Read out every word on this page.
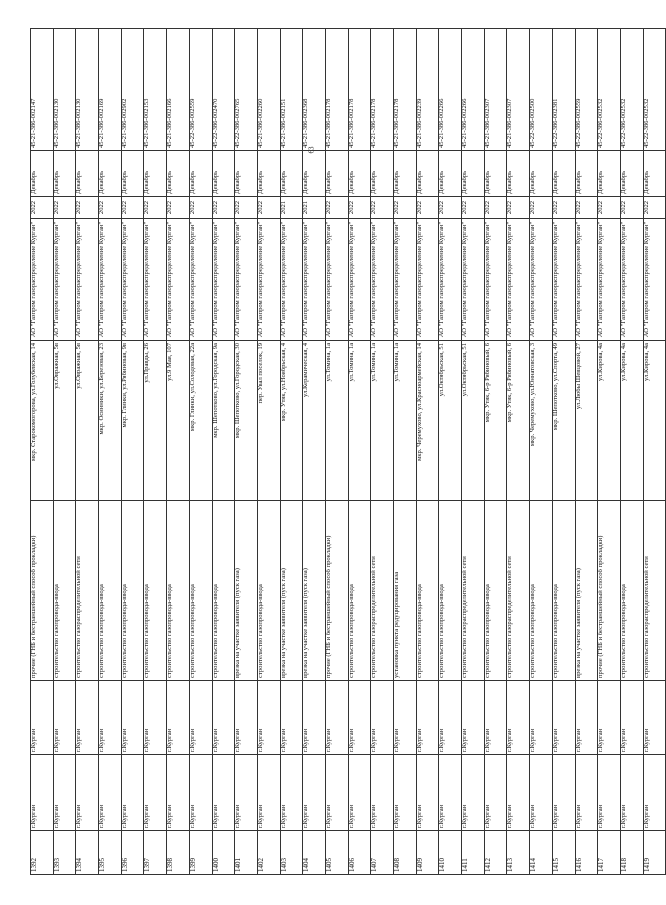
63
1392	г.Курган	г.Курган	прочие (ГНБ и бестраншейный способ прокладки)	мкр. Старокомогорова, ул.Голубевская, 14	АО "Газпром газораспределение Курган"	2022	Декабрь	45-21-386-002147
1393	г.Курган	г.Курган	строительство газопровода-ввода	ул.Овражная, 5в	АО "Газпром газораспределение Курган"	2022	Декабрь	45-21-386-002130
1394	г.Курган	г.Курган	строительство газораспределительной сети	ул.Овражная, 5в	АО "Газпром газораспределение Курган"	2022	Декабрь	45-21-386-002130
1395	г.Курган	г.Курган	строительство газопровода-ввода	мкр. Осинники, ул.Березовая, 23	АО "Газпром газораспределение Курган"	2022	Декабрь	45-21-386-002169
1396	г.Курган	г.Курган	строительство газопровода-ввода	мкр. Глинки, ул.Рябиновая, 9в	АО "Газпром газораспределение Курган"	2022	Декабрь	45-21-386-002902
1397	г.Курган	г.Курган	строительство газопровода-ввода	ул.Правды, 26	АО "Газпром газораспределение Курган"	2022	Декабрь	45-21-386-002153
1398	г.Курган	г.Курган	строительство газопровода-ввода	ул.9 Мая, 107	АО "Газпром газораспределение Курган"	2022	Декабрь	45-21-386-002166
1399	г.Курган	г.Курган	строительство газопровода-ввода	мкр. Глинки, ул.Солодовая, 22а	АО "Газпром газораспределение Курган"	2022	Декабрь	45-22-386-002559
1400	г.Курган	г.Курган	строительство газопровода-ввода	мкр. Шепотково, ул.Городская, 9а	АО "Газпром газораспределение Курган"	2022	Декабрь	45-22-386-002470
1401	г.Курган	г.Курган	врезка на участке заявителя (пуск газа)	мкр. Шепотково, ул.Городская, 30	АО "Газпром газораспределение Курган"	2022	Декабрь	45-22-386-002765
1402	г.Курган	г.Курган	строительство газопровода-ввода	пер. Увал поселок, 19	АО "Газпром газораспределение Курган"	2022	Декабрь	45-21-386-002260
1403	г.Курган	г.Курган	врезка на участке заявителя (пуск газа)	мкр. Утяк, ул.Ноябрьская, 4	АО "Газпром газораспределение Курган"	2021	Декабрь	45-21-386-002151
1404	г.Курган	г.Курган	врезка на участке заявителя (пуск газа)	ул.Керамическая, 4	АО "Газпром газораспределение Курган"	2021	Декабрь	45-21-386-002368
1405	г.Курган	г.Курган	прочие (ГНБ и бестраншейный способ прокладки)	ул.Томина, 1а	АО "Газпром газораспределение Курган"	2022	Декабрь	45-21-386-002178
1406	г.Курган	г.Курган	строительство газопровода-ввода	ул.Томина, 1а	АО "Газпром газораспределение Курган"	2022	Декабрь	45-21-386-002178
1407	г.Курган	г.Курган	строительство газораспределительной сети	ул.Томина, 1а	АО "Газпром газораспределение Курган"	2022	Декабрь	45-21-386-002178
1408	г.Курган	г.Курган	установка пункта редуцирования газа	ул.Томина, 1а	АО "Газпром газораспределение Курган"	2022	Декабрь	45-21-386-002178
1409	г.Курган	г.Курган	строительство газопровода-ввода	мкр. Черемухово, ул.Красноармейская, 14	АО "Газпром газораспределение Курган"	2022	Декабрь	45-21-386-002239
1410	г.Курган	г.Курган	строительство газопровода-ввода	ул.Октябрьская, 51	АО "Газпром газораспределение Курган"	2022	Декабрь	45-21-386-002266
1411	г.Курган	г.Курган	строительство газораспределительной сети	ул.Октябрьская, 51	АО "Газпром газораспределение Курган"	2022	Декабрь	45-21-386-002266
1412	г.Курган	г.Курган	строительство газопровода-ввода	мкр. Утяк, 6-р Рябиновый, 6	АО "Газпром газораспределение Курган"	2022	Декабрь	45-21-386-002307
1413	г.Курган	г.Курган	строительство газораспределительной сети	мкр. Утяк, 6-р Рябиновый, 6	АО "Газпром газораспределение Курган"	2022	Декабрь	45-21-386-002307
1414	г.Курган	г.Курган	строительство газопровода-ввода	мкр. Черемухово, ул.Юннатовская, 3	АО "Газпром газораспределение Курган"	2022	Декабрь	45-22-386-002500
1415	г.Курган	г.Курган	строительство газопровода-ввода	мкр. Шепотково, ул.Спорта, 49	АО "Газпром газораспределение Курган"	2022	Декабрь	45-22-386-002381
1416	г.Курган	г.Курган	врезка на участке заявителя (пуск газа)	ул.Любы Шевцовой, 27	АО "Газпром газораспределение Курган"	2022	Декабрь	45-22-386-002559
1417	г.Курган	г.Курган	прочие (ГНБ и бестраншейный способ прокладки)	ул.Кирова, 4а	АО "Газпром газораспределение Курган"	2022	Декабрь	45-22-386-002532
1418	г.Курган	г.Курган	строительство газопровода-ввода	ул.Кирова, 4а	АО "Газпром газораспределение Курган"	2022	Декабрь	45-22-386-002532
1419	г.Курган	г.Курган	строительство газораспределительной сети	ул.Кирова, 4а	АО "Газпром газораспределение Курган"	2022	Декабрь	45-22-386-002532
